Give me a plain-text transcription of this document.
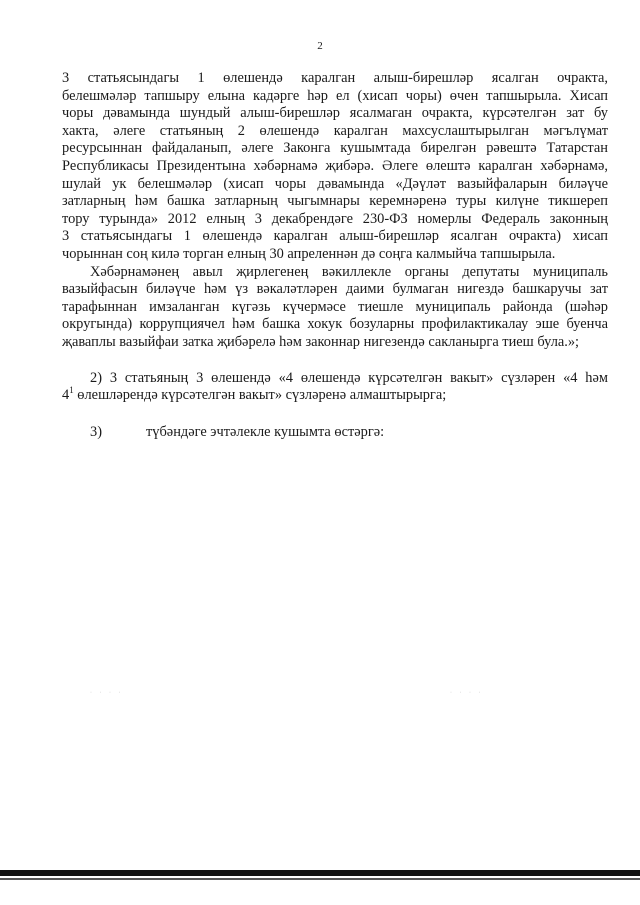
2
3 статьясындагы 1 өлешендә каралган алыш-бирешләр ясалган очракта,
белешмәләр тапшыру елына кадәрге һәр ел (хисап чоры) өчен тапшырыла. Хисап
чоры дәвамында шундый алыш-бирешләр ясалмаган очракта, күрсәтелгән зат бу
хакта, әлеге статьяның 2 өлешендә каралган махсуслаштырылган мәгълүмат
ресурсыннан файдаланып, әлеге Законга кушымтада бирелгән рәвештә Татарстан
Республикасы Президентына хәбәрнамә җибәрә. Әлеге өлештә каралган хәбәрнамә,
шулай ук белешмәләр (хисап чоры дәвамында «Дәүләт вазыйфаларын биләүче
затларның һәм башка затларның чыгымнары керемнәренә туры килүне тикшереп
тору турында» 2012 елның 3 декабрендәге 230-ФЗ номерлы Федераль законның
3 статьясындагы 1 өлешендә каралган алыш-бирешләр ясалган очракта) хисап
чорыннан соң килә торган елның 30 апреленнән дә соңга калмыйча тапшырыла.
Хәбәрнамәнең авыл җирлегенең вәкиллекле органы депутаты муниципаль
вазыйфасын биләүче һәм үз вәкаләтләрен даими булмаган нигездә башкаручы зат
тарафыннан имзаланган күгәзь күчермәсе тиешле муниципаль районда (шәһәр
округында) коррупциячел һәм башка хокук бозуларны профилактикалау эше буенча
җаваплы вазыйфаи затка җибәрелә һәм законнар нигезендә сакланырга тиеш була.»;
2) 3 статьяның 3 өлешендә «4 өлешендә күрсәтелгән вакыт» сүзләрен «4 һәм
$4^1$ өлешләрендә күрсәтелгән вакыт» сүзләренә алмаштырырга;
3)	түбәндәге эчтәлекле кушымта өстәргә:
· · · ·	· · · ·
